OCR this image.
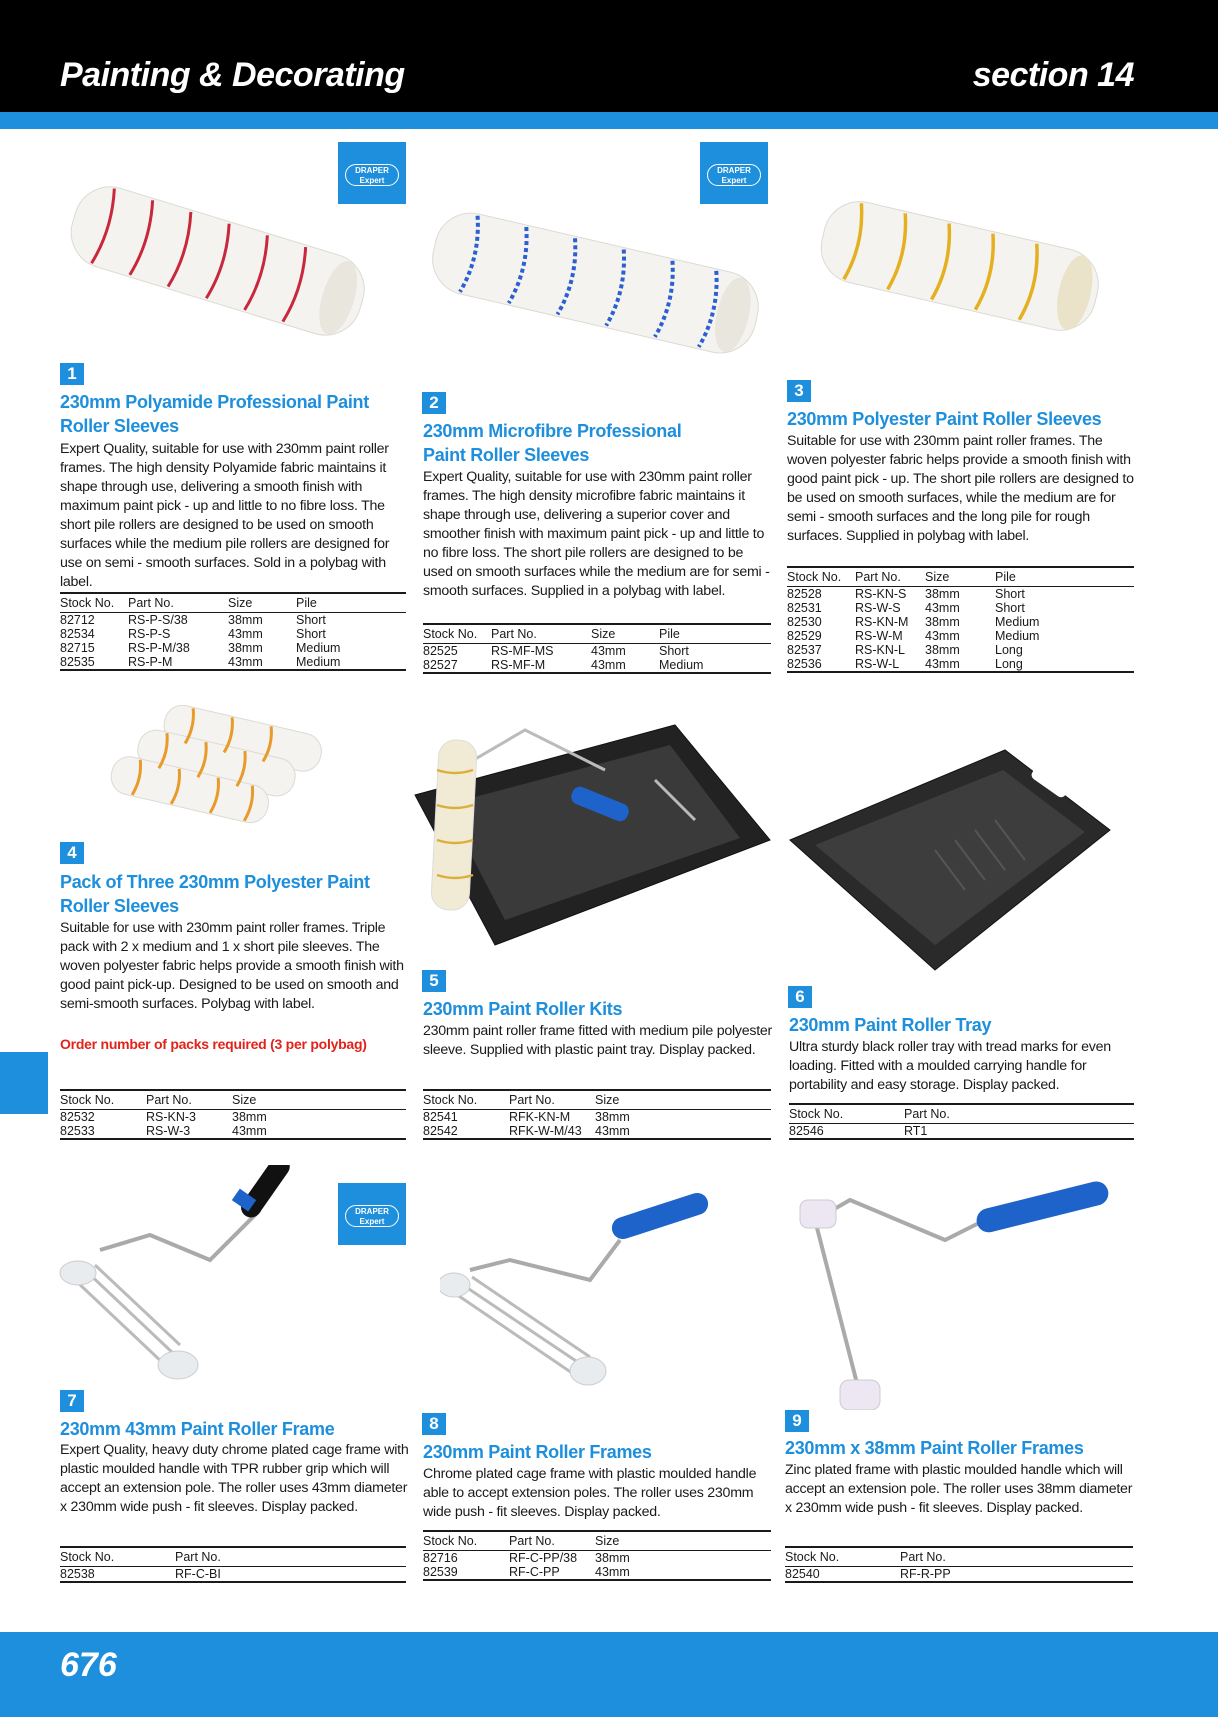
Painting & Decorating	section 14
DRAPER
Expert
1
230mm Polyamide Professional Paint Roller Sleeves
Expert Quality, suitable for use with 230mm paint roller frames. The high density Polyamide fabric maintains it shape through use, delivering a smooth finish with maximum paint pick - up and little to no fibre loss. The short pile rollers are designed to be used on smooth surfaces while the medium pile rollers are designed for use on semi - smooth surfaces. Sold in a polybag with label.
Stock No.	Part No.	Size	Pile
82712	RS-P-S/38	38mm	Short
82534	RS-P-S	43mm	Short
82715	RS-P-M/38	38mm	Medium
82535	RS-P-M	43mm	Medium
DRAPER
Expert
2
230mm Microfibre Professional Paint Roller Sleeves
Expert Quality, suitable for use with 230mm paint roller frames. The high density microfibre fabric maintains it shape through use, delivering a superior cover and smoother finish with maximum paint pick - up and little to no fibre loss. The short pile rollers are designed to be used on smooth surfaces while the medium are for semi - smooth surfaces. Supplied in a polybag with label.
Stock No.	Part No.	Size	Pile
82525	RS-MF-MS	43mm	Short
82527	RS-MF-M	43mm	Medium
3
230mm Polyester Paint Roller Sleeves
Suitable for use with 230mm paint roller frames. The woven polyester fabric helps provide a smooth finish with good paint pick - up. The short pile rollers are designed to be used on smooth surfaces, while the medium are for semi - smooth surfaces and the long pile for rough surfaces. Supplied in polybag with label.
Stock No.	Part No.	Size	Pile
82528	RS-KN-S	38mm	Short
82531	RS-W-S	43mm	Short
82530	RS-KN-M	38mm	Medium
82529	RS-W-M	43mm	Medium
82537	RS-KN-L	38mm	Long
82536	RS-W-L	43mm	Long
4
Pack of Three 230mm Polyester Paint Roller Sleeves
Suitable for use with 230mm paint roller frames. Triple pack with 2 x medium and 1 x short pile sleeves. The woven polyester fabric helps provide a smooth finish with good paint pick-up. Designed to be used on smooth and semi-smooth surfaces. Polybag with label.
Order number of packs required (3 per polybag)
Stock No.	Part No.	Size
82532	RS-KN-3	38mm
82533	RS-W-3	43mm
5
230mm Paint Roller Kits
230mm paint roller frame fitted with medium pile polyester sleeve. Supplied with plastic paint tray. Display packed.
Stock No.	Part No.	Size
82541	RFK-KN-M	38mm
82542	RFK-W-M/43	43mm
6
230mm Paint Roller Tray
Ultra sturdy black roller tray with tread marks for even loading. Fitted with a moulded carrying handle for portability and easy storage. Display packed.
Stock No.	Part No.
82546	RT1
DRAPER
Expert
7
230mm 43mm Paint Roller Frame
Expert Quality, heavy duty chrome plated cage frame with plastic moulded handle with TPR rubber grip which will accept an extension pole. The roller uses 43mm diameter x 230mm wide push - fit sleeves. Display packed.
Stock No.	Part No.
82538	RF-C-BI
8
230mm Paint Roller Frames
Chrome plated cage frame with plastic moulded handle able to accept extension poles. The roller uses 230mm wide push - fit sleeves. Display packed.
Stock No.	Part No.	Size
82716	RF-C-PP/38	38mm
82539	RF-C-PP	43mm
9
230mm x 38mm Paint Roller Frames
Zinc plated frame with plastic moulded handle which will accept an extension pole. The roller uses 38mm diameter x 230mm wide push - fit sleeves. Display packed.
Stock No.	Part No.
82540	RF-R-PP
676
